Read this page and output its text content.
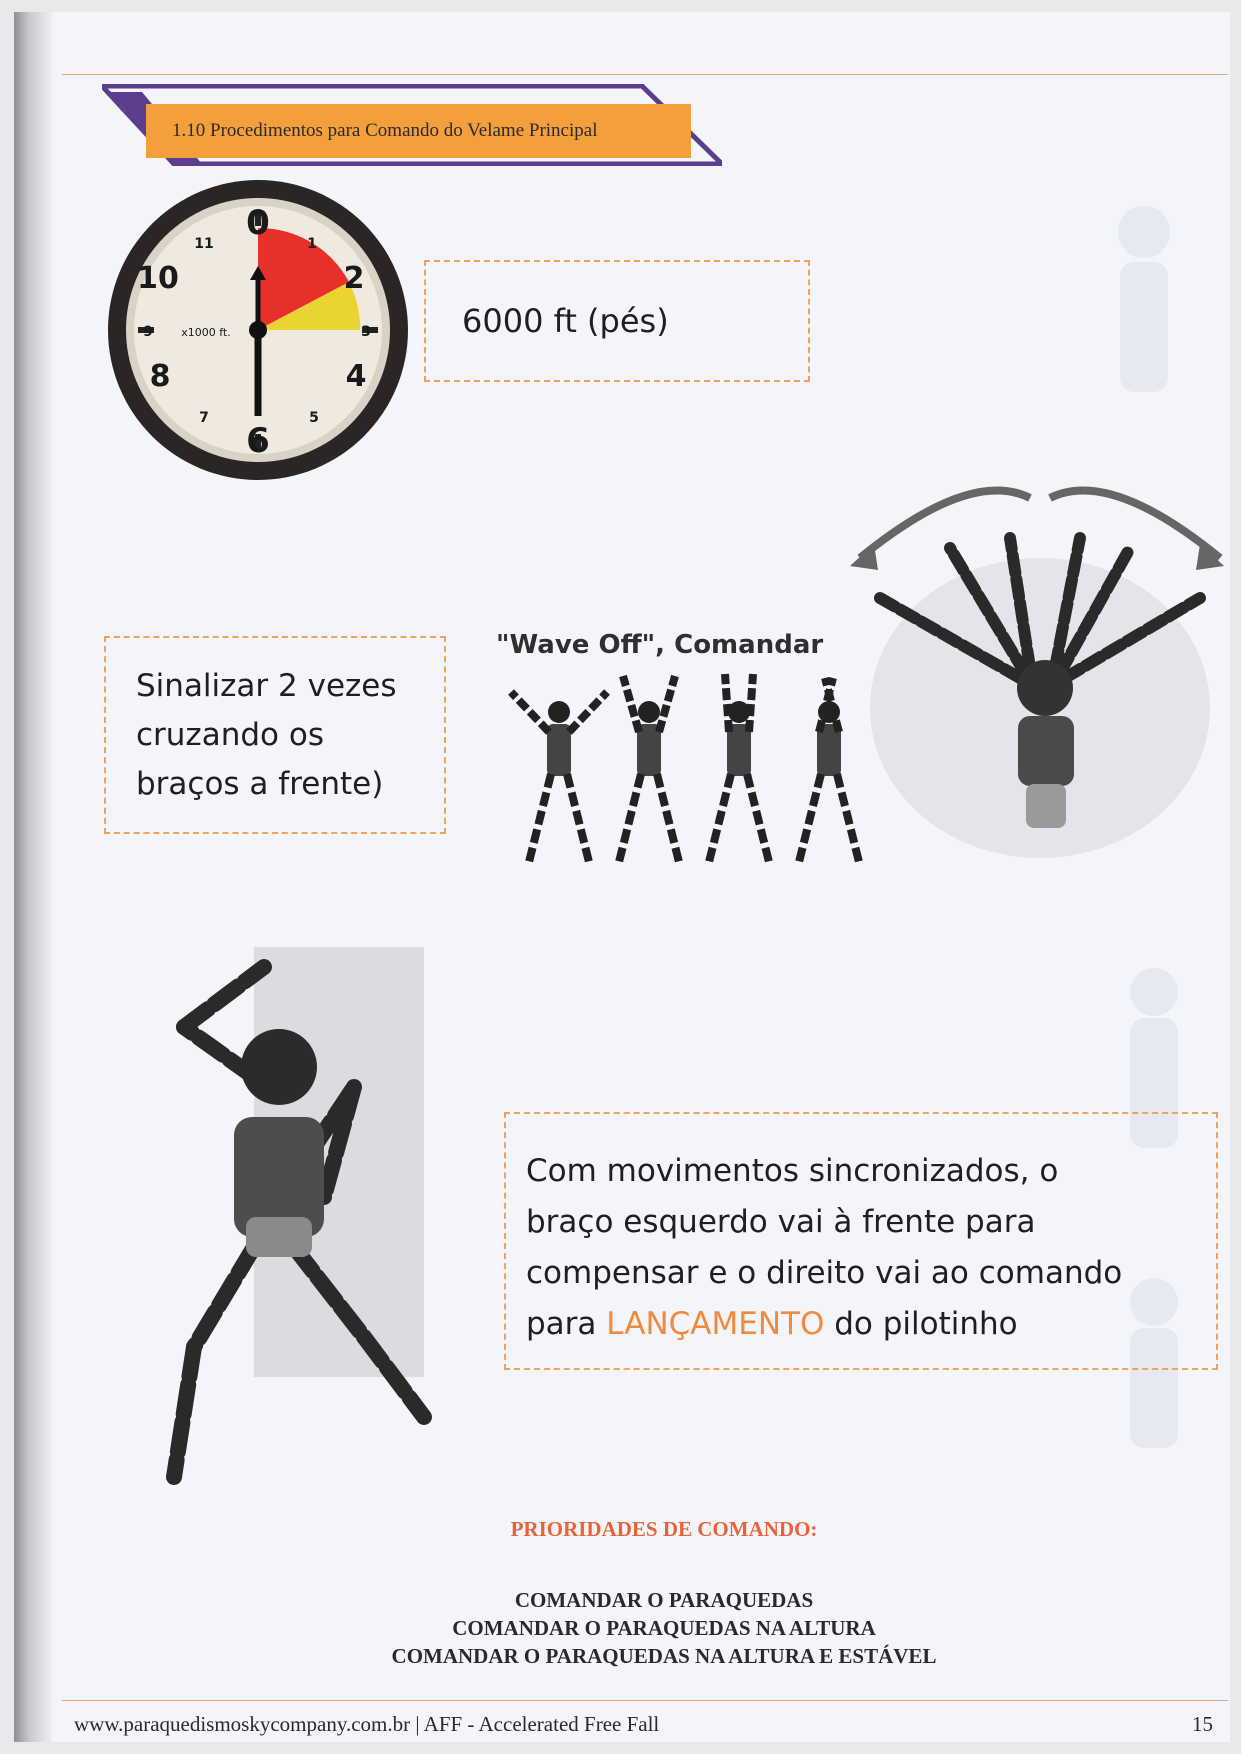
1.10 Procedimentos para Comando do Velame Principal
0
1
2
3
4
5
6
7
8
9
10
11
x1000 ft.	6000 ft (pés)
Sinalizar 2 vezes
cruzando os
braços a frente)
"Wave Off", Comandar
Com movimentos sincronizados, o
braço esquerdo vai à frente para
compensar e o direito vai ao comando
para LANÇAMENTO do pilotinho
PRIORIDADES DE COMANDO:
COMANDAR O PARAQUEDAS
COMANDAR O PARAQUEDAS NA ALTURA
COMANDAR O PARAQUEDAS NA ALTURA E ESTÁVEL
www.paraquedismoskycompany.com.br | AFF - Accelerated Free Fall	15
